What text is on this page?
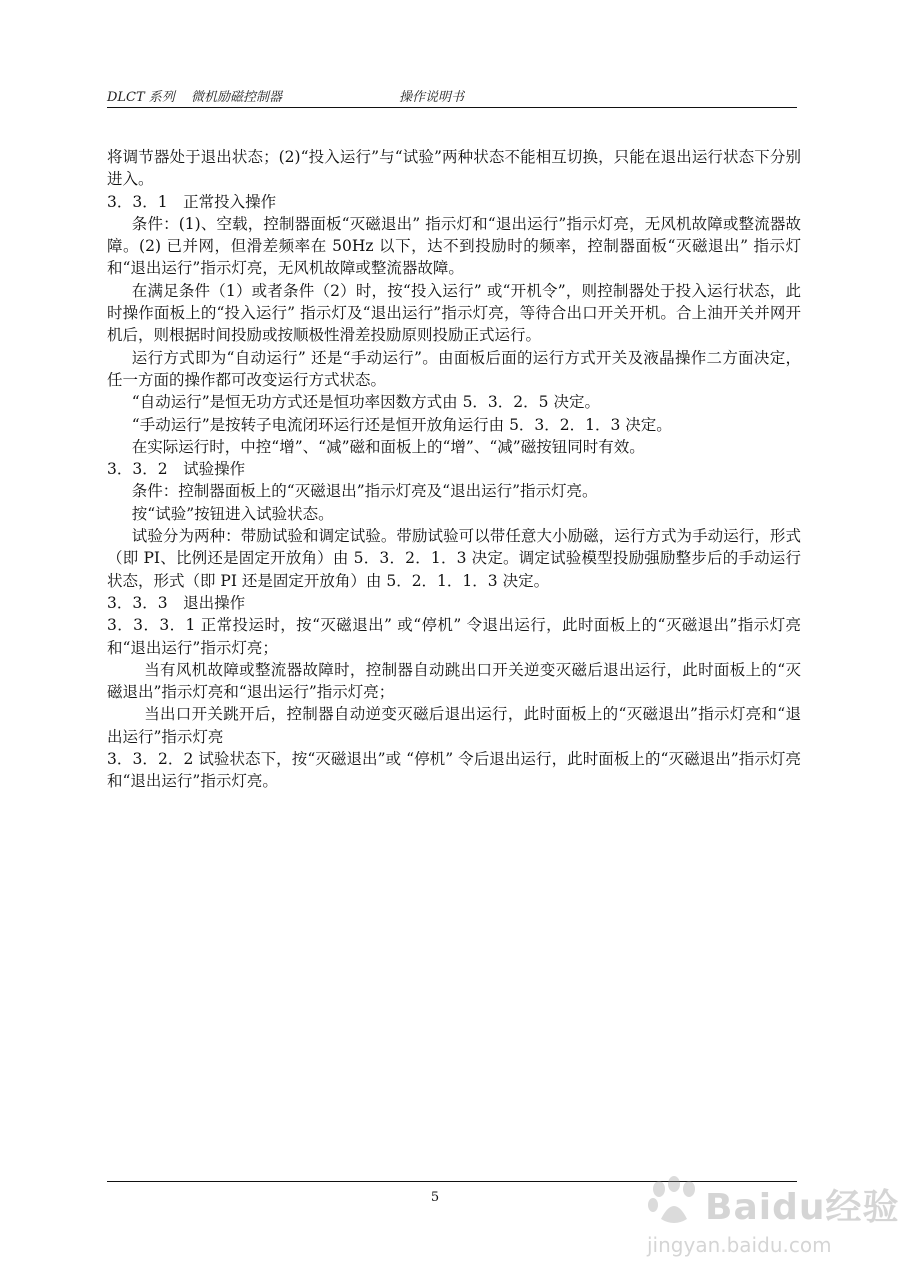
DLCT 系列 微机励磁控制器	操作说明书

将调节器处于退出状态；(2)“投入运行”与“试验”两种状态不能相互切换，只能在退出运行状态下分别进入。

3．3．1　正常投入操作

条件：(1)、空载，控制器面板“灭磁退出” 指示灯和“退出运行”指示灯亮，无风机故障或整流器故障。(2) 已并网，但滑差频率在 50Hz 以下，达不到投励时的频率，控制器面板“灭磁退出” 指示灯和“退出运行”指示灯亮，无风机故障或整流器故障。

在满足条件（1）或者条件（2）时，按“投入运行” 或“开机令”，则控制器处于投入运行状态，此时操作面板上的“投入运行” 指示灯及“退出运行”指示灯亮，等待合出口开关开机。合上油开关并网开机后，则根据时间投励或按顺极性滑差投励原则投励正式运行。

运行方式即为“自动运行” 还是“手动运行”。由面板后面的运行方式开关及液晶操作二方面决定，任一方面的操作都可改变运行方式状态。

“自动运行”是恒无功方式还是恒功率因数方式由 5．3．2．5 决定。

“手动运行”是按转子电流闭环运行还是恒开放角运行由 5．3．2．1．3 决定。

在实际运行时，中控“增”、“减”磁和面板上的“增”、“减”磁按钮同时有效。

3．3．2　试验操作

条件：控制器面板上的“灭磁退出”指示灯亮及“退出运行”指示灯亮。

按“试验”按钮进入试验状态。

试验分为两种：带励试验和调定试验。带励试验可以带任意大小励磁，运行方式为手动运行，形式（即 PI、比例还是固定开放角）由 5．3．2．1．3 决定。调定试验模型投励强励整步后的手动运行状态，形式（即 PI 还是固定开放角）由 5．2．1．1．3 决定。

3．3．3　退出操作

3．3．3．1 正常投运时，按“灭磁退出” 或“停机” 令退出运行，此时面板上的“灭磁退出”指示灯亮和“退出运行”指示灯亮；

当有风机故障或整流器故障时，控制器自动跳出口开关逆变灭磁后退出运行，此时面板上的“灭磁退出”指示灯亮和“退出运行”指示灯亮；

当出口开关跳开后，控制器自动逆变灭磁后退出运行，此时面板上的“灭磁退出”指示灯亮和“退出运行”指示灯亮

3．3．2．2 试验状态下，按“灭磁退出”或 “停机” 令后退出运行，此时面板上的“灭磁退出”指示灯亮和“退出运行”指示灯亮。

5	Baidu经验
jingyan.baidu.com
